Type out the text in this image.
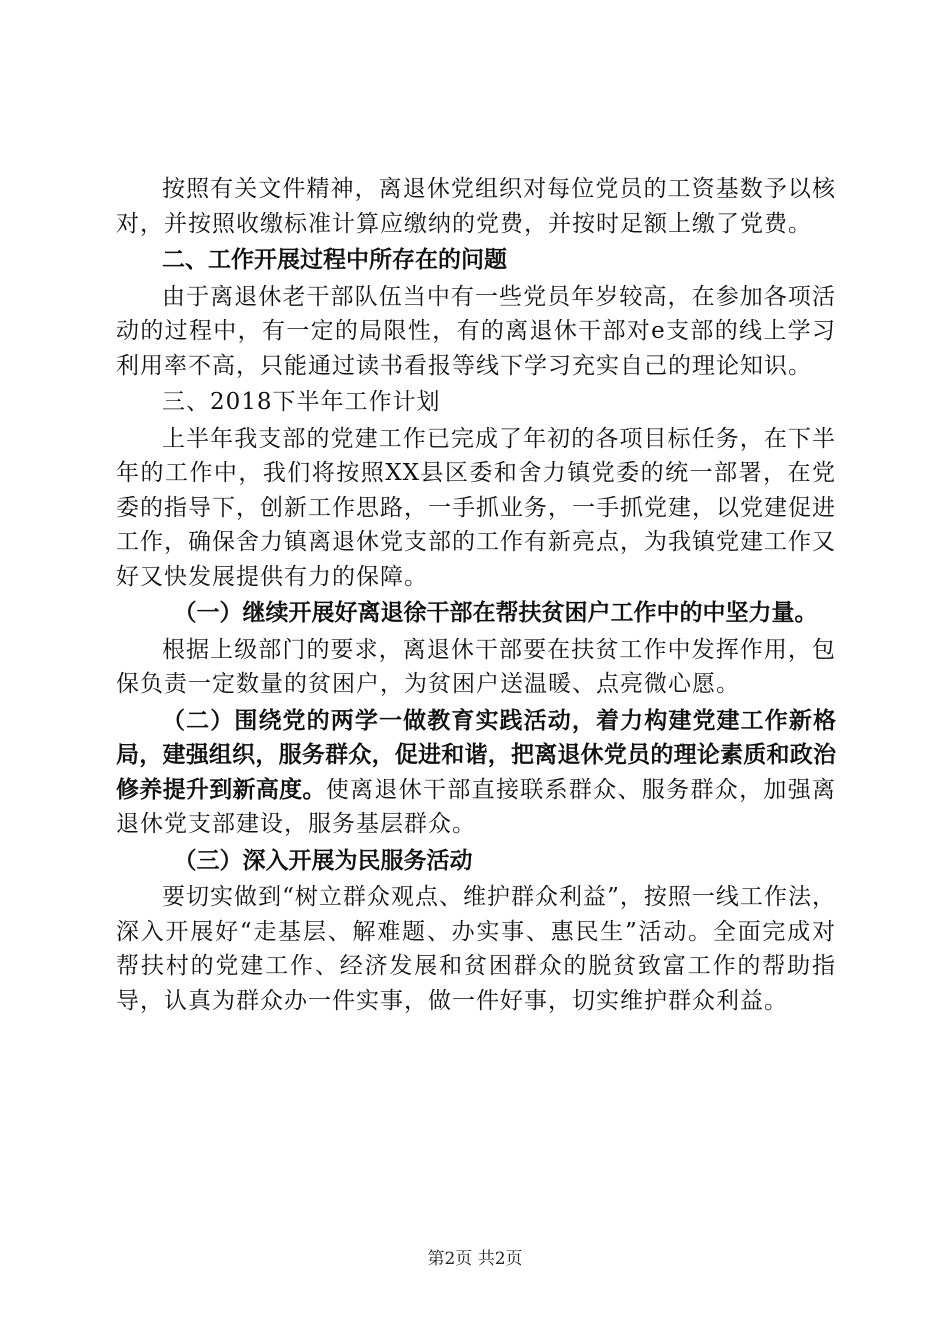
按照有关文件精神，离退休党组织对每位党员的工资基数予以核对，并按照收缴标准计算应缴纳的党费，并按时足额上缴了党费。

二、工作开展过程中所存在的问题

由于离退休老干部队伍当中有一些党员年岁较高，在参加各项活动的过程中，有一定的局限性，有的离退休干部对e支部的线上学习利用率不高，只能通过读书看报等线下学习充实自己的理论知识。

三、2018下半年工作计划

上半年我支部的党建工作已完成了年初的各项目标任务，在下半年的工作中，我们将按照XX县区委和舍力镇党委的统一部署，在党委的指导下，创新工作思路，一手抓业务，一手抓党建，以党建促进工作，确保舍力镇离退休党支部的工作有新亮点，为我镇党建工作又好又快发展提供有力的保障。

（一）继续开展好离退徐干部在帮扶贫困户工作中的中坚力量。

根据上级部门的要求，离退休干部要在扶贫工作中发挥作用，包保负责一定数量的贫困户，为贫困户送温暖、点亮微心愿。

（二）围绕党的两学一做教育实践活动，着力构建党建工作新格局，建强组织，服务群众，促进和谐，把离退休党员的理论素质和政治修养提升到新高度。使离退休干部直接联系群众、服务群众，加强离退休党支部建设，服务基层群众。

（三）深入开展为民服务活动

要切实做到“树立群众观点、维护群众利益”，按照一线工作法，深入开展好“走基层、解难题、办实事、惠民生”活动。全面完成对帮扶村的党建工作、经济发展和贫困群众的脱贫致富工作的帮助指导，认真为群众办一件实事，做一件好事，切实维护群众利益。

第2页 共2页
